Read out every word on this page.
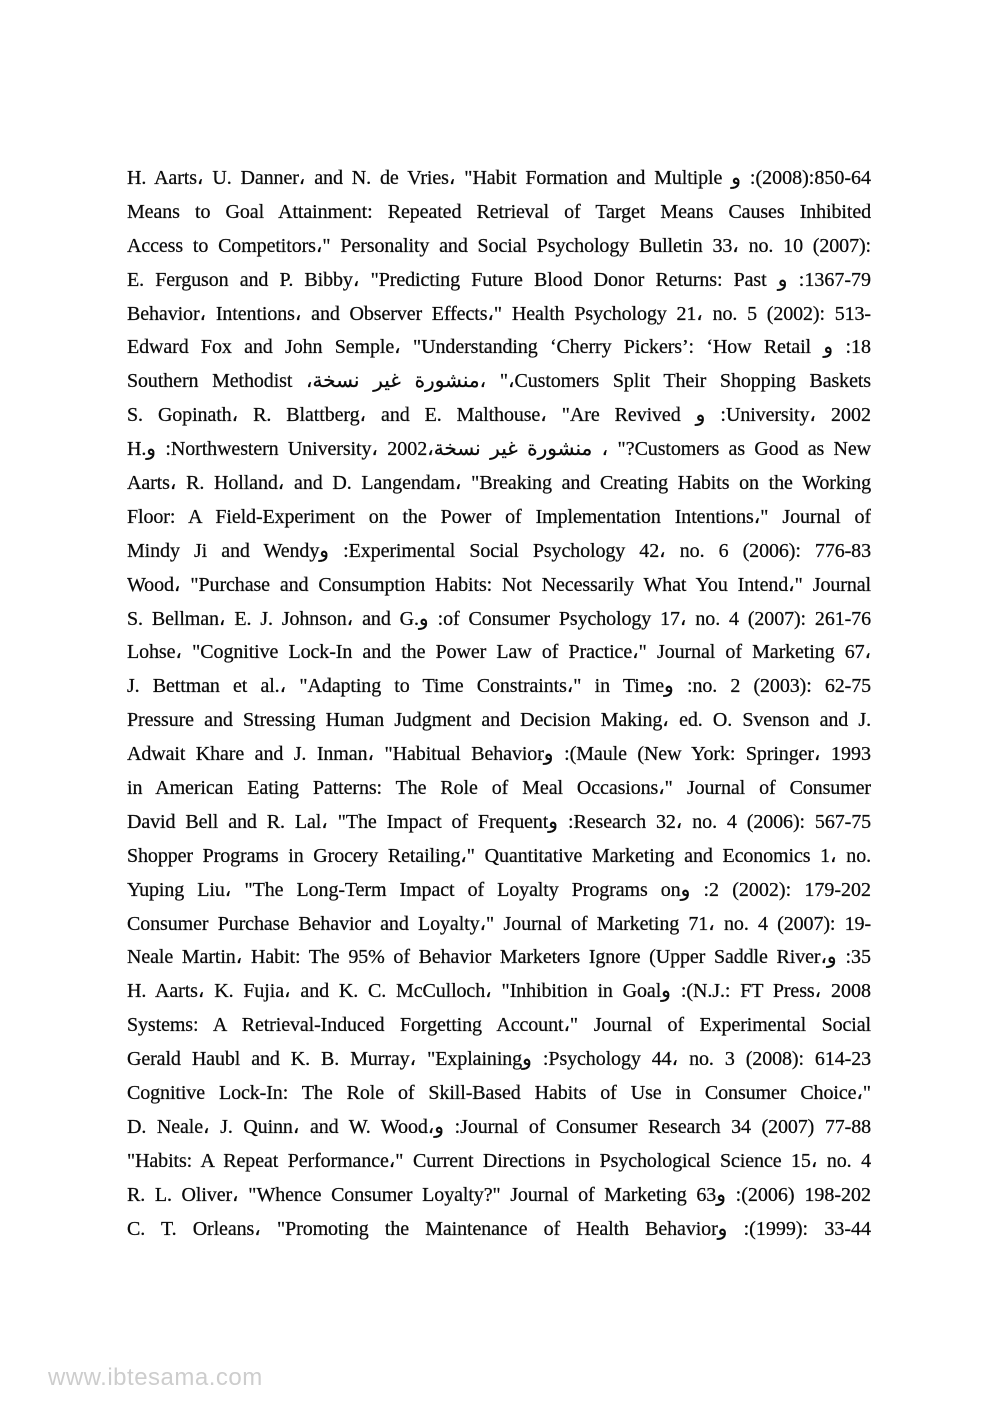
H. Aarts، U. Danner، and N. de Vries، "Habit Formation and Multiple ⁧و⁩ :(2008):850-64
Means to Goal Attainment: Repeated Retrieval of Target Means Causes Inhibited
Access to Competitors،" Personality and Social Psychology Bulletin 33، no. 10 (2007):
E. Ferguson and P. Bibby، "Predicting Future Blood Donor Returns: Past ⁧و⁩ :1367-79
Behavior، Intentions، and Observer Effects،" Health Psychology 21، no. 5 (2002): 513-
Edward Fox and John Semple، "Understanding ‘Cherry Pickers’: ‘How Retail ⁧و⁩ :18
Southern Methodist ،⁧نسخة⁩ ⁧غير⁩ ⁧منشورة⁩، "،Customers Split Their Shopping Baskets
S. Gopinath، R. Blattberg، and E. Malthouse، "Are Revived ⁧و⁩ :University، 2002
H.⁧و⁩ :Northwestern University، 2002،⁧نسخة⁩ ⁧غير⁩ ⁧منشورة⁩ ، "?Customers as Good as New
Aarts، R. Holland، and D. Langendam، "Breaking and Creating Habits on the Working
Floor: A Field-Experiment on the Power of Implementation Intentions،" Journal of
Mindy Ji and Wendy⁧و⁩ :Experimental Social Psychology 42، no. 6 (2006): 776-83
Wood، "Purchase and Consumption Habits: Not Necessarily What You Intend،" Journal
S. Bellman، E. J. Johnson، and G.⁧و⁩ :of Consumer Psychology 17، no. 4 (2007): 261-76
Lohse، "Cognitive Lock-In and the Power Law of Practice،" Journal of Marketing 67،
J. Bettman et al.، "Adapting to Time Constraints،" in Time⁧و⁩ :no. 2 (2003): 62-75
Pressure and Stressing Human Judgment and Decision Making، ed. O. Svenson and J.
Adwait Khare and J. Inman، "Habitual Behavior⁧و⁩ :(Maule (New York: Springer، 1993
in American Eating Patterns: The Role of Meal Occasions،" Journal of Consumer
David Bell and R. Lal، "The Impact of Frequent⁧و⁩ :Research 32، no. 4 (2006): 567-75
Shopper Programs in Grocery Retailing،" Quantitative Marketing and Economics 1، no.
Yuping Liu، "The Long-Term Impact of Loyalty Programs on⁧و⁩ :2 (2002): 179-202
Consumer Purchase Behavior and Loyalty،" Journal of Marketing 71، no. 4 (2007): 19-
Neale Martin، Habit: The 95% of Behavior Marketers Ignore (Upper Saddle River،⁧و⁩ :35
H. Aarts، K. Fujia، and K. C. McCulloch، "Inhibition in Goal⁧و⁩ :(N.J.: FT Press، 2008
Systems: A Retrieval-Induced Forgetting Account،" Journal of Experimental Social
Gerald Haubl and K. B. Murray، "Explaining⁧و⁩ :Psychology 44، no. 3 (2008): 614-23
Cognitive Lock-In: The Role of Skill-Based Habits of Use in Consumer Choice،"
D. Neale، J. Quinn، and W. Wood،⁧و⁩ :Journal of Consumer Research 34 (2007) 77-88
"Habits: A Repeat Performance،" Current Directions in Psychological Science 15، no. 4
R. L. Oliver، "Whence Consumer Loyalty?" Journal of Marketing 63⁧و⁩ :(2006) 198-202
C. T. Orleans، "Promoting the Maintenance of Health Behavior⁧و⁩ :(1999): 33-44
www.ibtesama.com
